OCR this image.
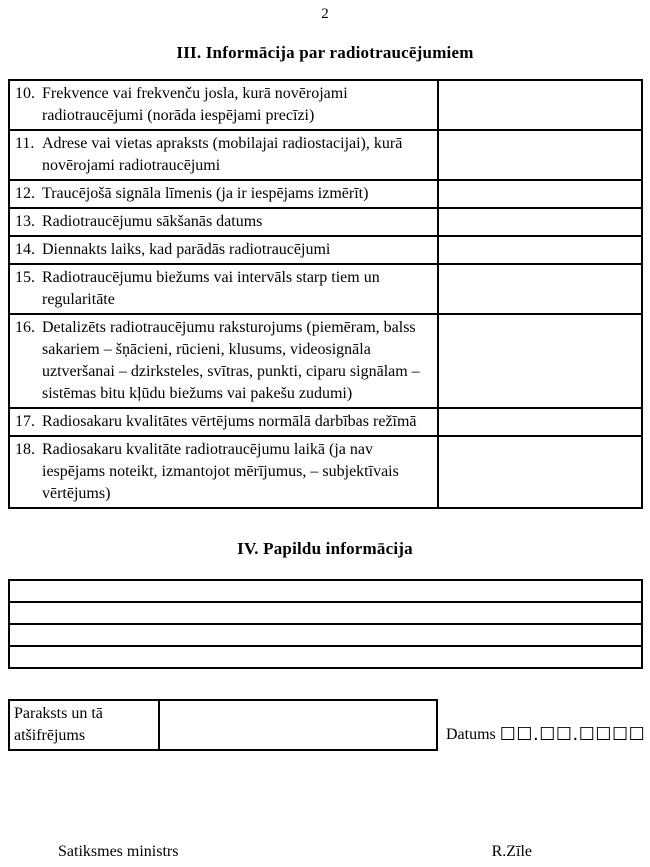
2
III. Informācija par radiotraucējumiem
10. Frekvence vai frekvenču josla, kurā novērojami radiotraucējumi (norāda iespējami precīzi)	

11. Adrese vai vietas apraksts (mobilajai radiostacijai), kurā novērojami radiotraucējumi	

12. Traucējošā signāla līmenis (ja ir iespējams izmērīt)	

13. Radiotraucējumu sākšanās datums	

14. Diennakts laiks, kad parādās radiotraucējumi	

15. Radiotraucējumu biežums vai intervāls starp tiem un regularitāte	

16. Detalizēts radiotraucējumu raksturojums (piemēram, balss sakariem – šņācieni, rūcieni, klusums, videosignāla uztveršanai – dzirksteles, svītras, punkti, ciparu signālam – sistēmas bitu kļūdu biežums vai pakešu zudumi)	

17. Radiosakaru kvalitātes vērtējums normālā darbības režīmā	

18. Radiosakaru kvalitāte radiotraucējumu laikā (ja nav iespējams noteikt, izmantojot mērījumus, – subjektīvais vērtējums)	

IV. Papildu informācija

Paraksts un tā atšifrējums		Datums ☐☐.☐☐.☐☐☐☐
Satiksmes ministrs	R.Zīle
